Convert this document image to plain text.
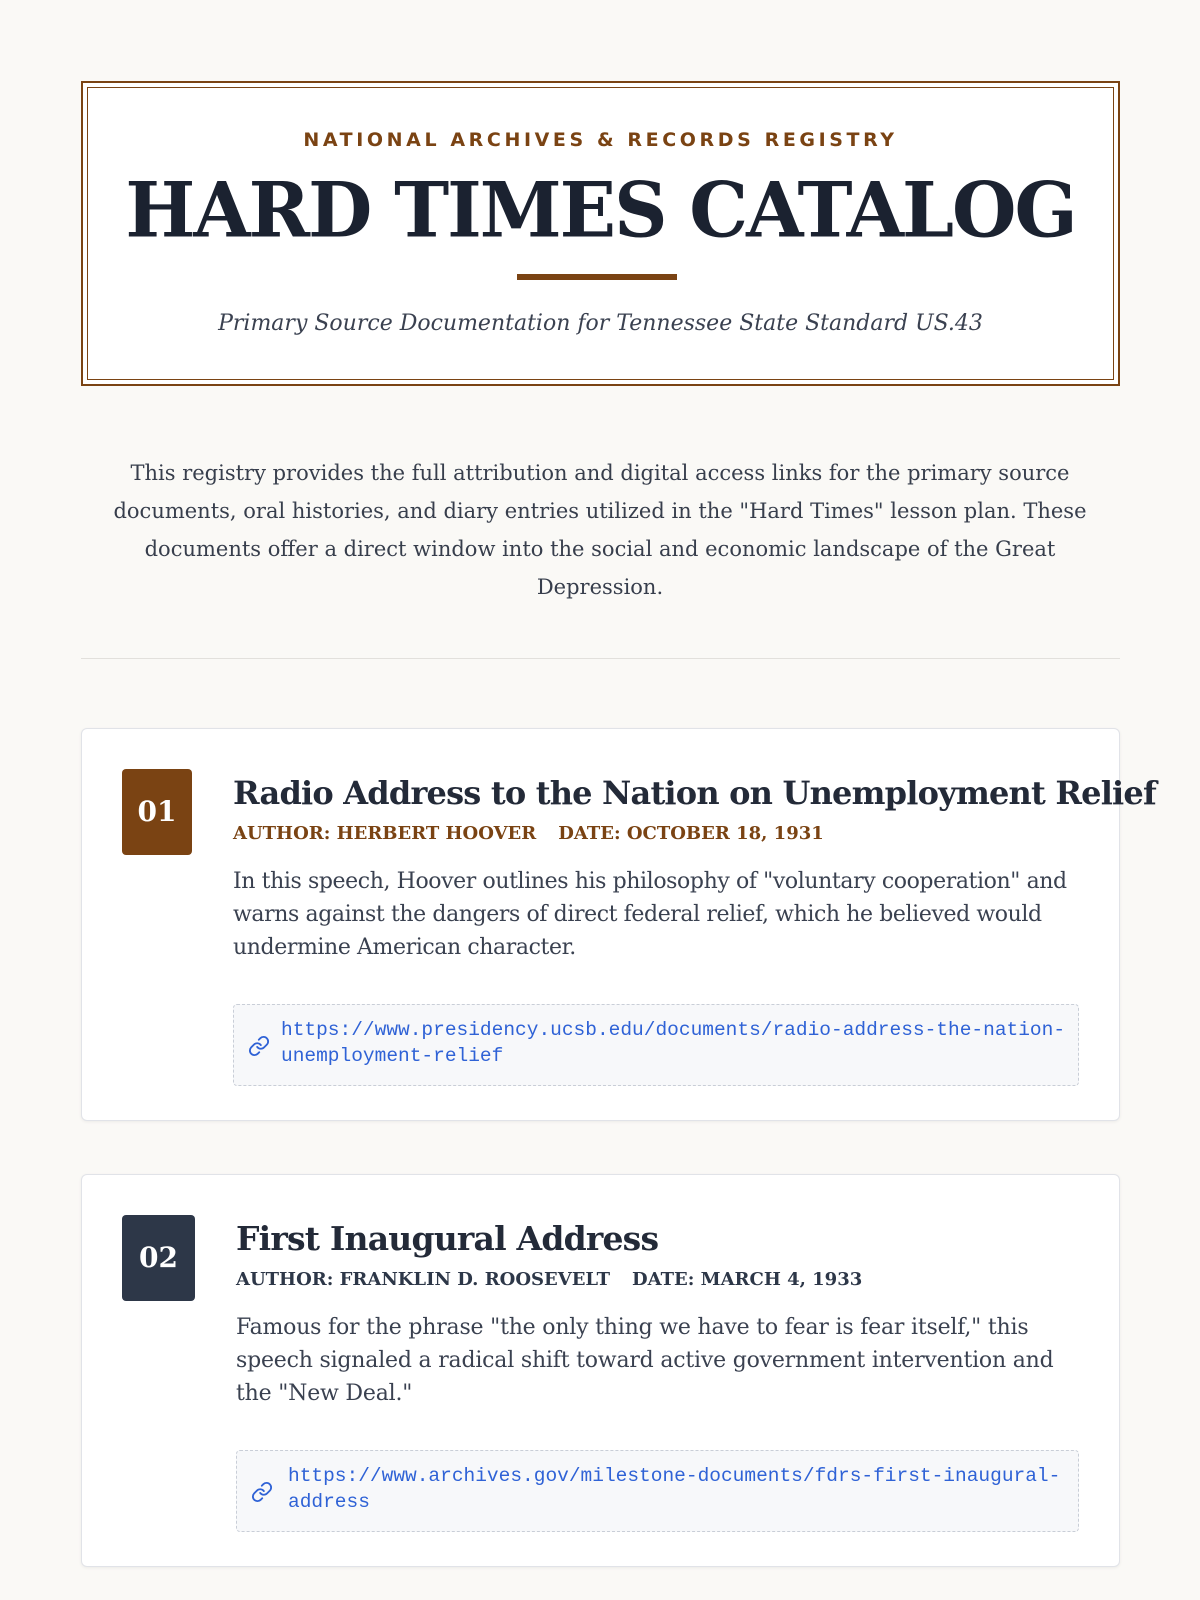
NATIONAL ARCHIVES & RECORDS REGISTRY
HARD TIMES CATALOG
Primary Source Documentation for Tennessee State Standard US.43

This registry provides the full attribution and digital access links for the primary source documents, oral histories, and diary entries utilized in the "Hard Times" lesson plan. These documents offer a direct window into the social and economic landscape of the Great Depression.

01	Radio Address to the Nation on Unemployment Relief
AUTHOR: HERBERT HOOVER DATE: OCTOBER 18, 1931
In this speech, Hoover outlines his philosophy of "voluntary cooperation" and warns against the dangers of direct federal relief, which he believed would undermine American character.
https://www.presidency.ucsb.edu/documents/radio-address-the-nation-unemployment-relief
02	First Inaugural Address
AUTHOR: FRANKLIN D. ROOSEVELT DATE: MARCH 4, 1933
Famous for the phrase "the only thing we have to fear is fear itself," this speech signaled a radical shift toward active government intervention and the "New Deal."
https://www.archives.gov/milestone-documents/fdrs-first-inaugural-address
